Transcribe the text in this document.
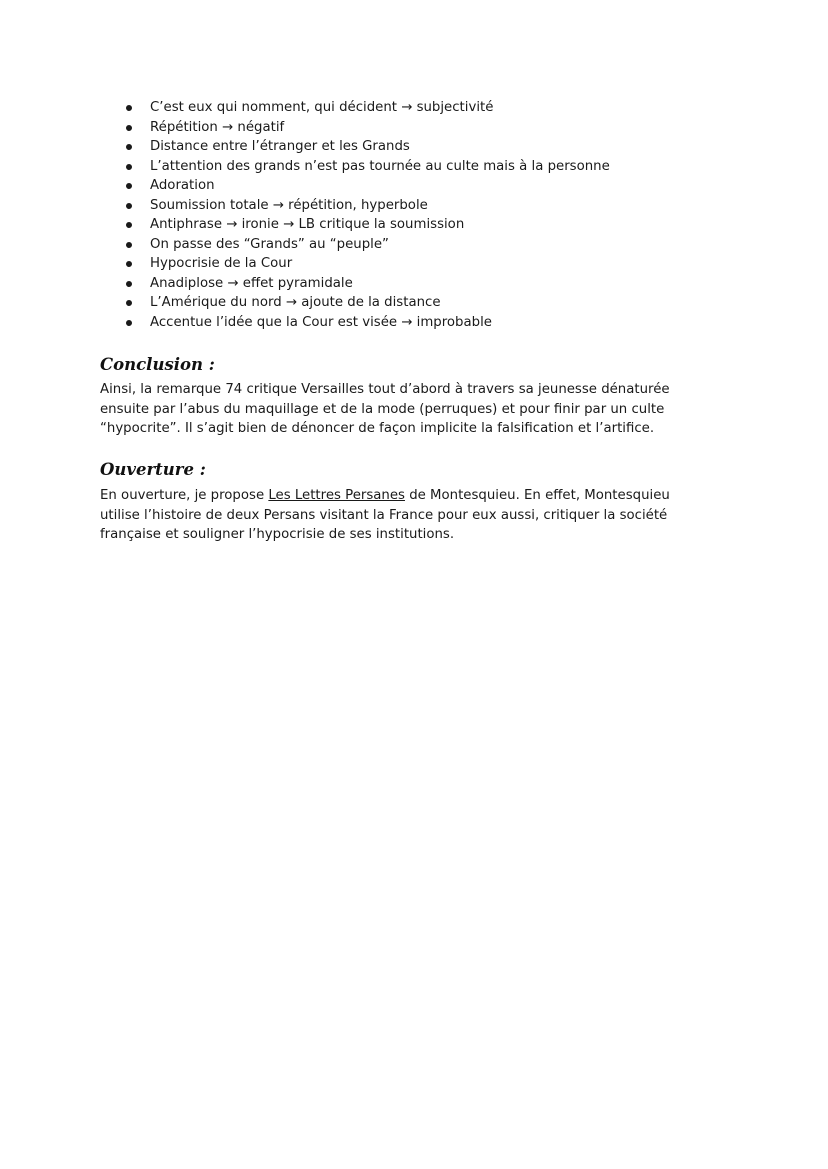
C’est eux qui nomment, qui décident → subjectivité
Répétition → négatif
Distance entre l’étranger et les Grands
L’attention des grands n’est pas tournée au culte mais à la personne
Adoration
Soumission totale → répétition, hyperbole
Antiphrase → ironie → LB critique la soumission
On passe des “Grands” au “peuple”
Hypocrisie de la Cour
Anadiplose → effet pyramidale
L’Amérique du nord → ajoute de la distance
Accentue l’idée que la Cour est visée → improbable
Conclusion :

Ainsi, la remarque 74 critique Versailles tout d’abord à travers sa jeunesse dénaturée
ensuite par l’abus du maquillage et de la mode (perruques) et pour finir par un culte
“hypocrite”. Il s’agit bien de dénoncer de façon implicite la falsification et l’artifice.

Ouverture :

En ouverture, je propose Les Lettres Persanes de Montesquieu. En effet, Montesquieu
utilise l’histoire de deux Persans visitant la France pour eux aussi, critiquer la société
française et souligner l’hypocrisie de ses institutions.
